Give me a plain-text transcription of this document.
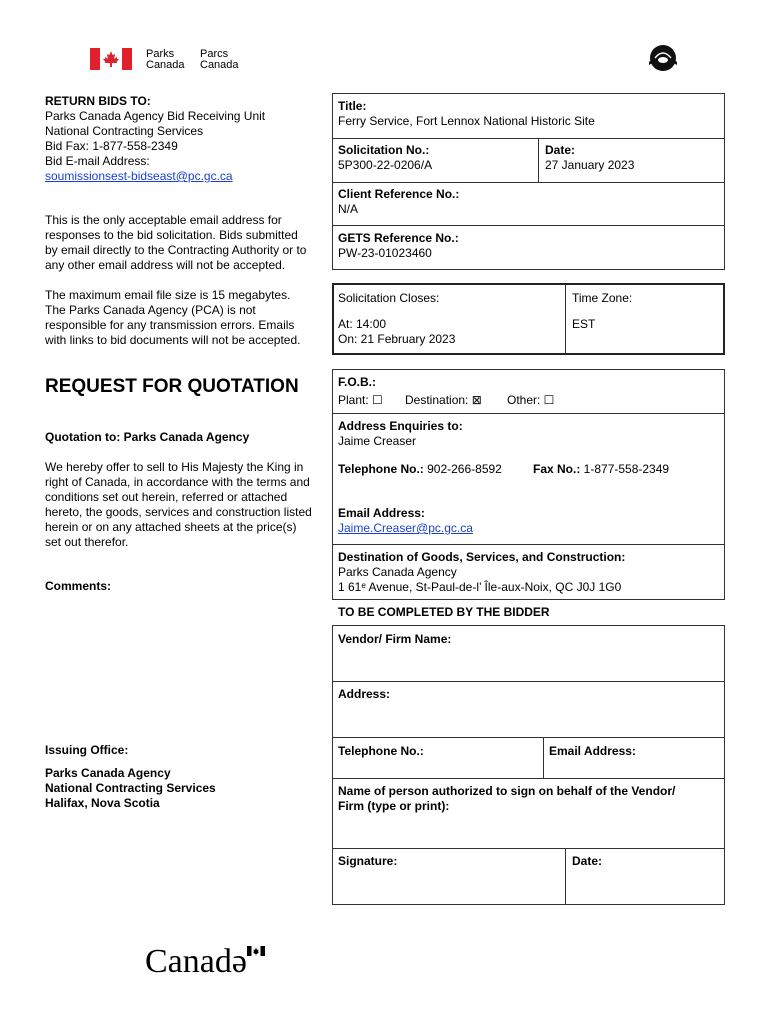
Parks
Canada
Parcs
Canada
RETURN BIDS TO:
Parks Canada Agency Bid Receiving Unit
National Contracting Services
Bid Fax: 1-877-558-2349
Bid E-mail Address:
soumissionsest-bidseast@pc.gc.ca
This is the only acceptable email address for
responses to the bid solicitation. Bids submitted
by email directly to the Contracting Authority or to
any other email address will not be accepted.
The maximum email file size is 15 megabytes.
The Parks Canada Agency (PCA) is not
responsible for any transmission errors. Emails
with links to bid documents will not be accepted.
REQUEST FOR QUOTATION
Quotation to: Parks Canada Agency
We hereby offer to sell to His Majesty the King in
right of Canada, in accordance with the terms and
conditions set out herein, referred or attached
hereto, the goods, services and construction listed
herein or on any attached sheets at the price(s)
set out therefor.
Comments:
Issuing Office:
Parks Canada Agency
National Contracting Services
Halifax, Nova Scotia
Title:
Ferry Service, Fort Lennox National Historic Site
Solicitation No.:
5P300-22-0206/A
Date:
27 January 2023
Client Reference No.:
N/A
GETS Reference No.:
PW-23-01023460
Solicitation Closes:
At: 14:00
On: 21 February 2023
Time Zone:
EST
F.O.B.:
Plant: ☐ Destination: ⊠ Other: ☐
Address Enquiries to:
Jaime Creaser
Telephone No.: 902-266-8592	Fax No.: 1-877-558-2349
Email Address:
Jaime.Creaser@pc.gc.ca
Destination of Goods, Services, and Construction:
Parks Canada Agency
1 61ᵉ Avenue, St-Paul-de-l’ Île-aux-Noix, QC J0J 1G0
TO BE COMPLETED BY THE BIDDER
Vendor/ Firm Name:
Address:
Telephone No.:	Email Address:
Name of person authorized to sign on behalf of the Vendor/
Firm (type or print):
Signature:	Date:
Canadə
